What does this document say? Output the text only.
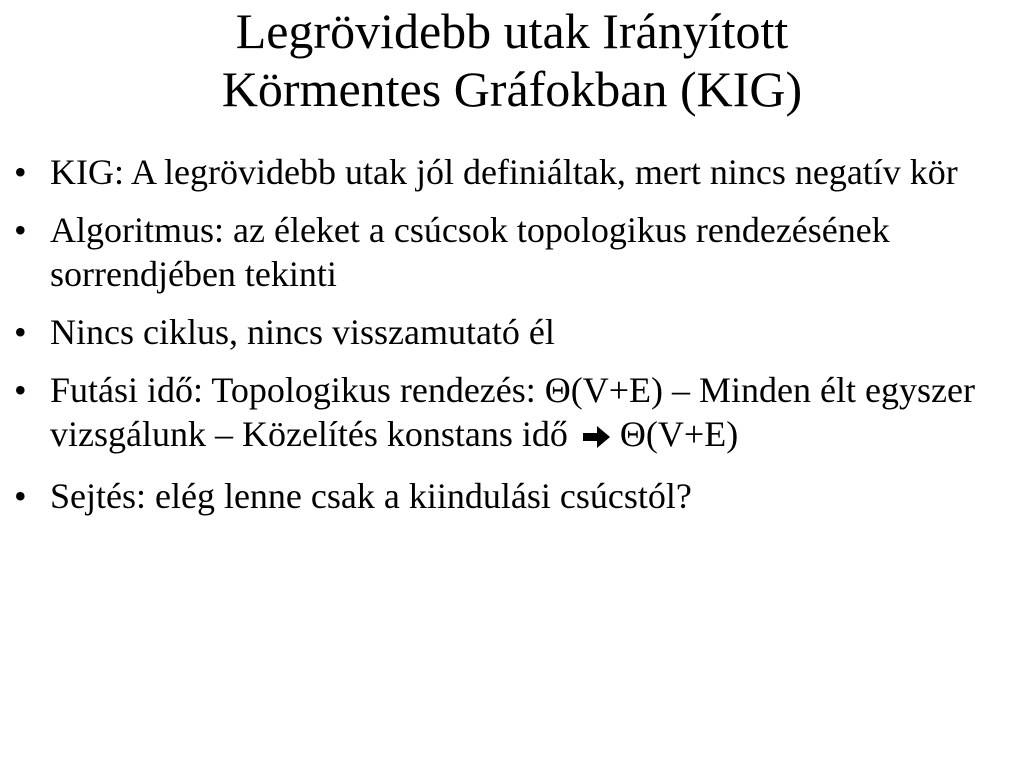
Legrövidebb utak Irányított
Körmentes Gráfokban (KIG)
• KIG: A legrövidebb utak jól definiáltak, mert nincs negatív kör
• Algoritmus: az éleket a csúcsok topologikus rendezésének sorrendjében tekinti
• Nincs ciklus, nincs visszamutató él
• Futási idő: Topologikus rendezés: Θ(V+E) – Minden élt egyszer vizsgálunk – Közelítés konstans idő Θ(V+E)
• Sejtés: elég lenne csak a kiindulási csúcstól?
